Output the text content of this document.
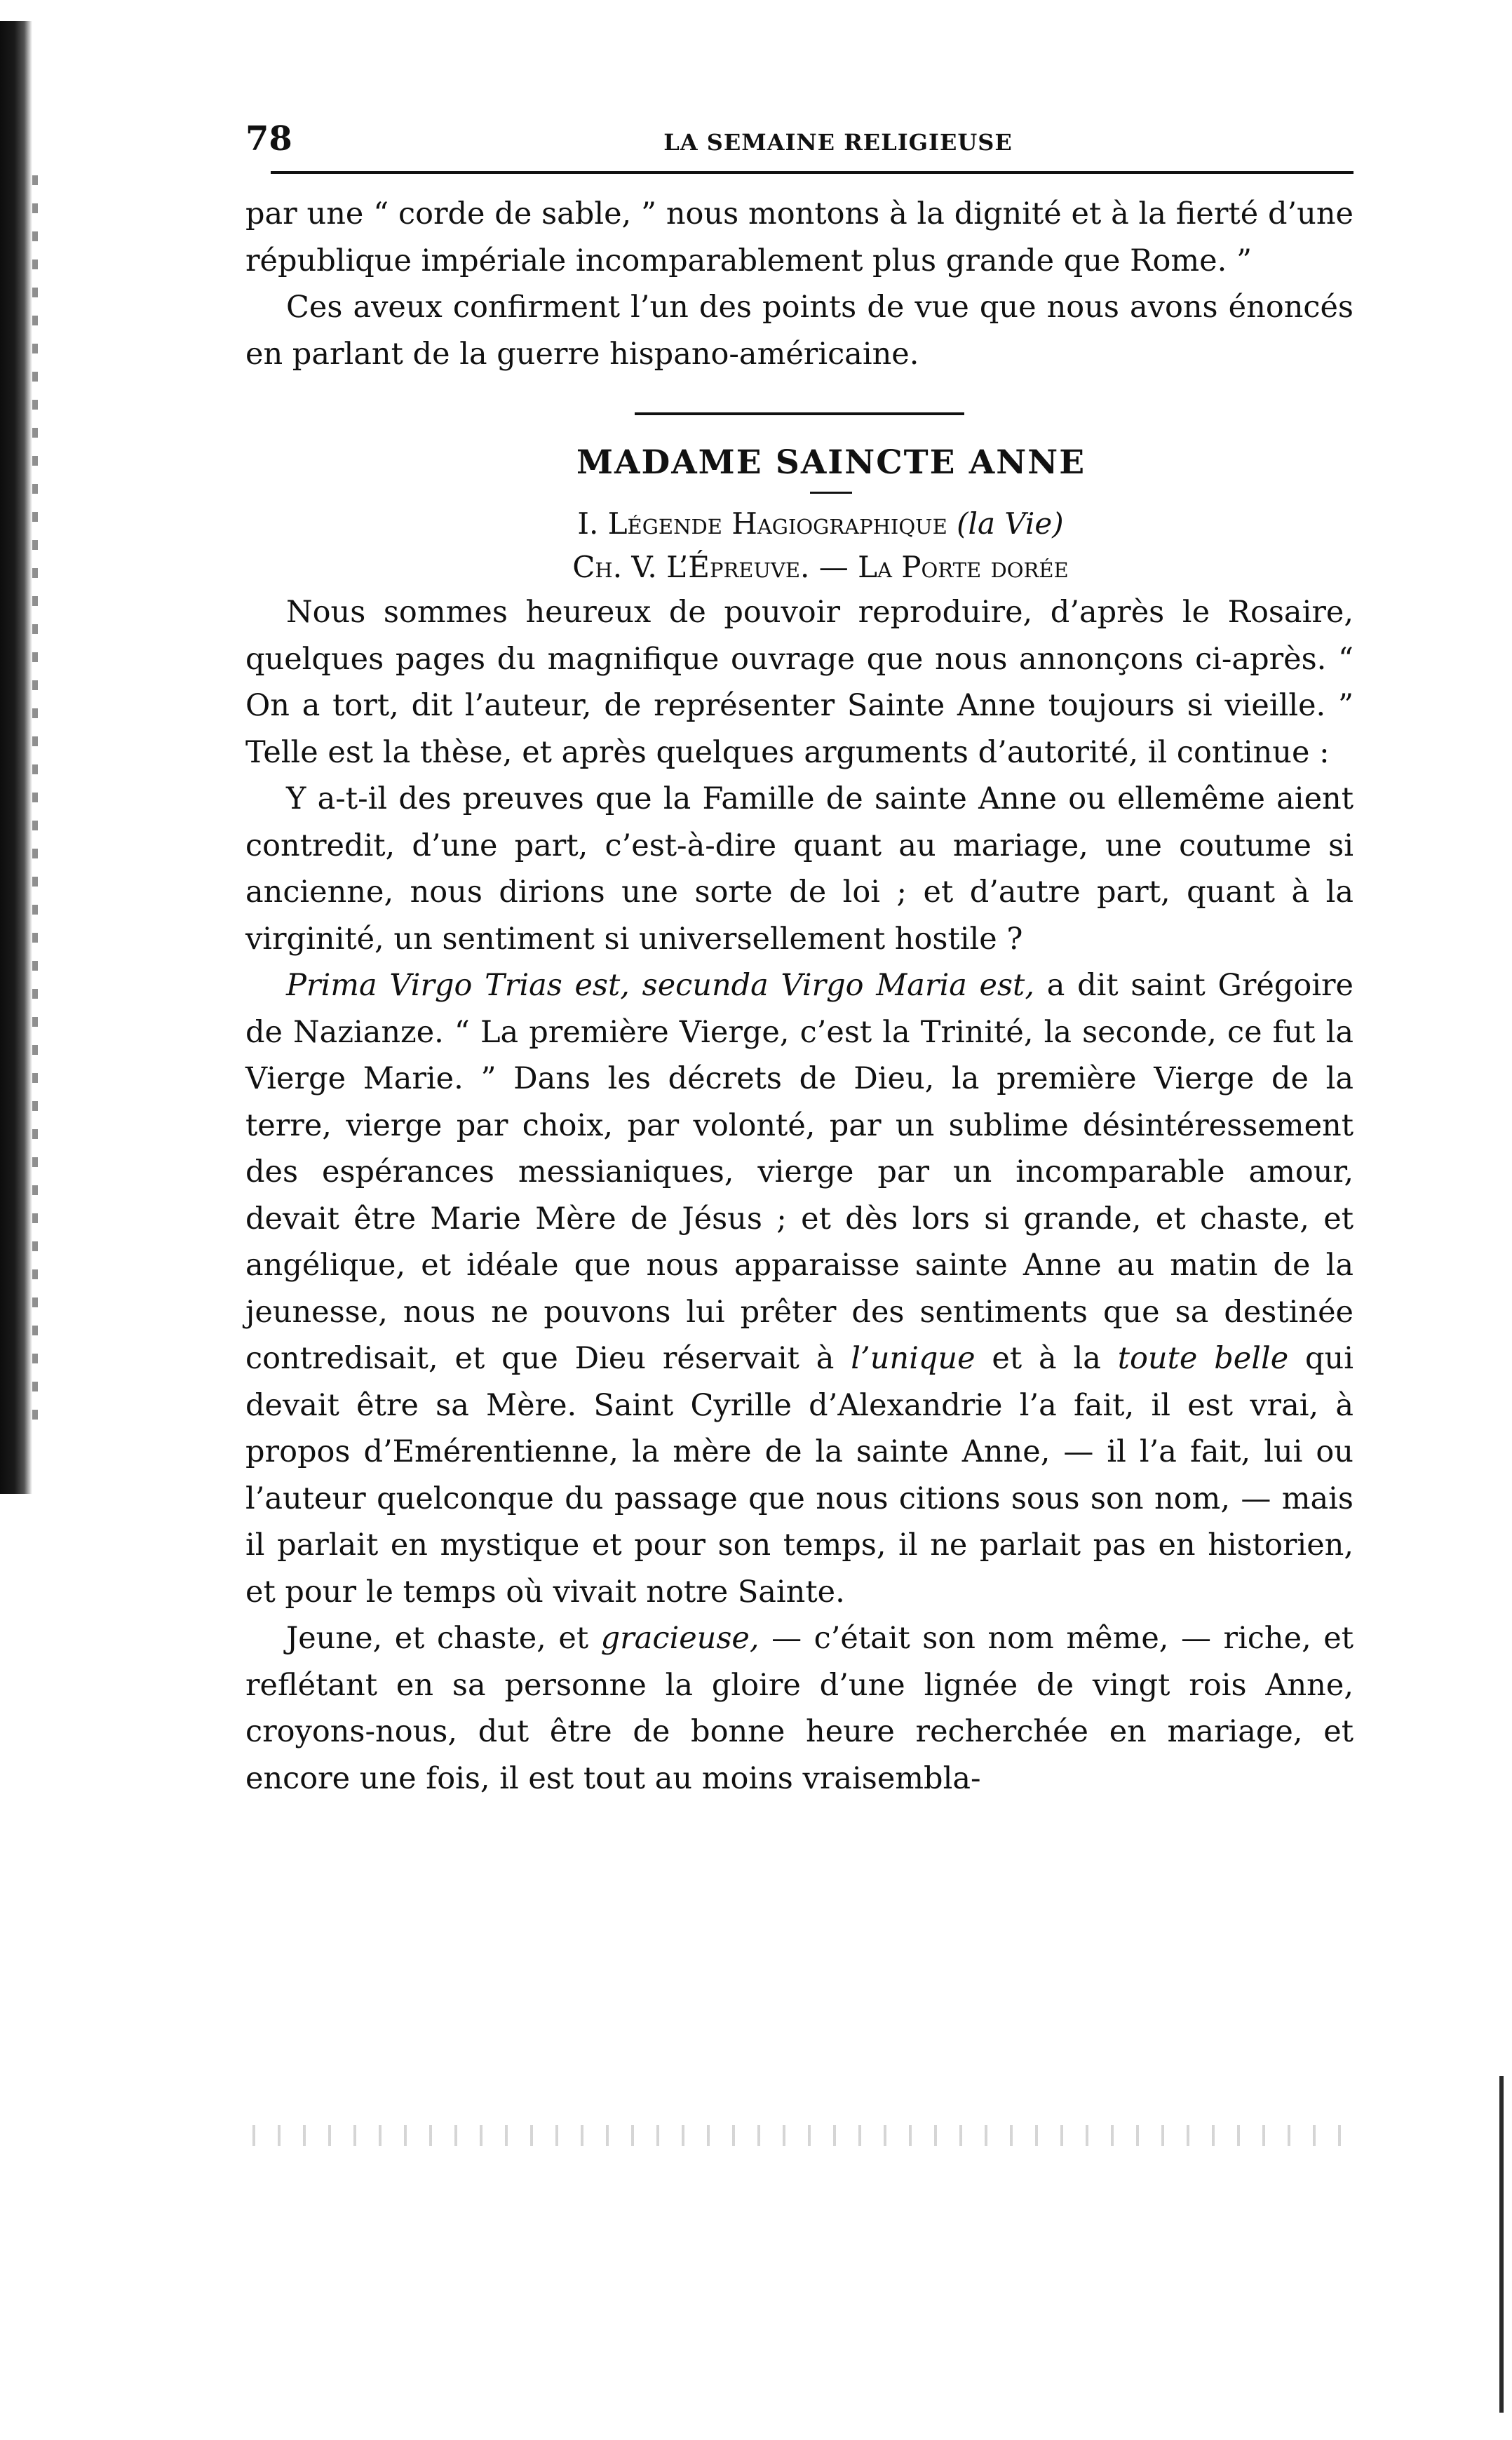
78	LA SEMAINE RELIGIEUSE

par une “ corde de sable, ” nous montons à la dignité et à la fierté d’une république impériale incomparablement plus grande que Rome. ”

Ces aveux confirment l’un des points de vue que nous avons énoncés en parlant de la guerre hispano-américaine.

MADAME SAINCTE ANNE

I. Légende Hagiographique (la Vie)

Ch. V. L’Épreuve. — La Porte dorée

Nous sommes heureux de pouvoir reproduire, d’après le Rosaire, quelques pages du magnifique ouvrage que nous annonçons ci-après. “ On a tort, dit l’auteur, de représenter Sainte Anne toujours si vieille. ” Telle est la thèse, et après quelques arguments d’autorité, il continue :

Y a-t-il des preuves que la Famille de sainte Anne ou ellemême aient contredit, d’une part, c’est-à-dire quant au mariage, une coutume si ancienne, nous dirions une sorte de loi ; et d’autre part, quant à la virginité, un sentiment si universellement hostile ?

Prima Virgo Trias est, secunda Virgo Maria est, a dit saint Grégoire de Nazianze. “ La première Vierge, c’est la Trinité, la seconde, ce fut la Vierge Marie. ” Dans les décrets de Dieu, la première Vierge de la terre, vierge par choix, par volonté, par un sublime désintéressement des espérances messianiques, vierge par un incomparable amour, devait être Marie Mère de Jésus ; et dès lors si grande, et chaste, et angélique, et idéale que nous apparaisse sainte Anne au matin de la jeunesse, nous ne pouvons lui prêter des sentiments que sa destinée contredisait, et que Dieu réservait à l’unique et à la toute belle qui devait être sa Mère. Saint Cyrille d’Alexandrie l’a fait, il est vrai, à propos d’Emérentienne, la mère de la sainte Anne, — il l’a fait, lui ou l’auteur quelconque du passage que nous citions sous son nom, — mais il parlait en mystique et pour son temps, il ne parlait pas en historien, et pour le temps où vivait notre Sainte.

Jeune, et chaste, et gracieuse, — c’était son nom même, — riche, et reflétant en sa personne la gloire d’une lignée de vingt rois Anne, croyons-nous, dut être de bonne heure recherchée en mariage, et encore une fois, il est tout au moins vraisembla-
